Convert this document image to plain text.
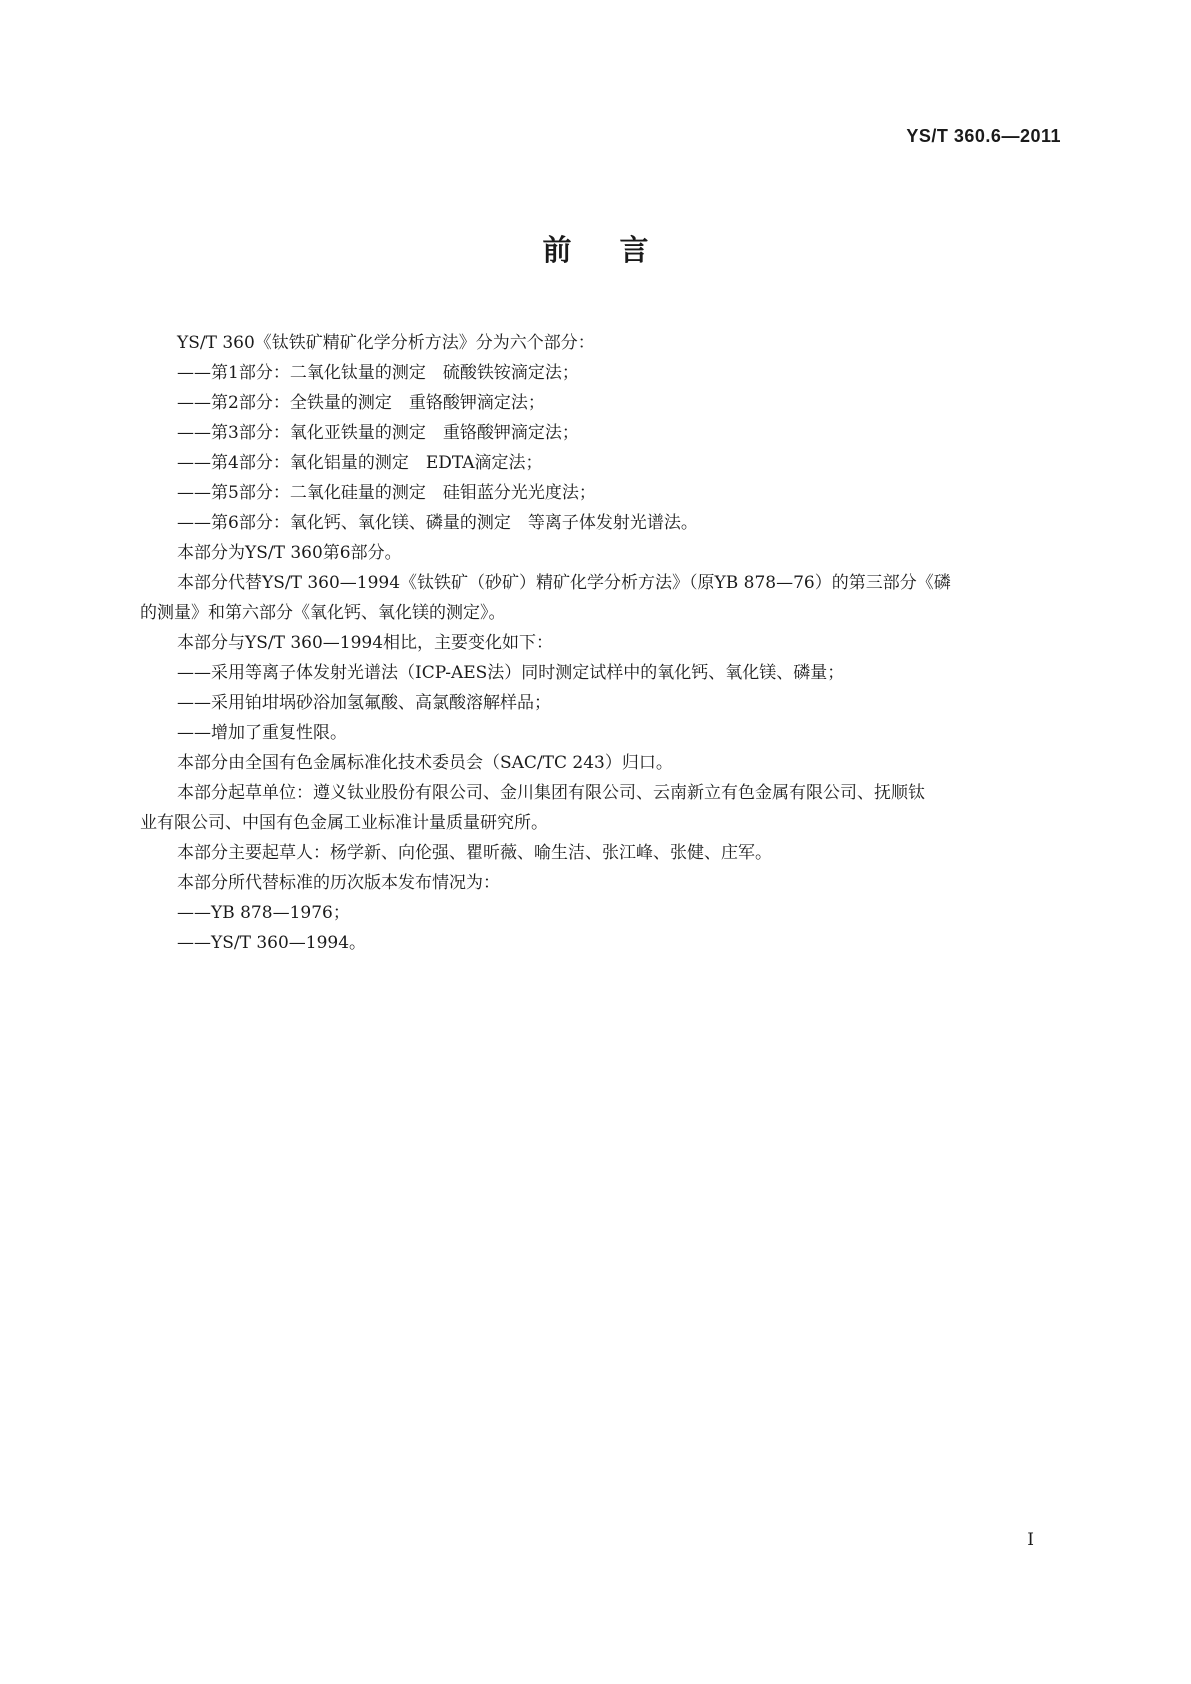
YS/T 360.6—2011
前言
YS/T 360《钛铁矿精矿化学分析方法》分为六个部分：
——第1部分：二氧化钛量的测定　硫酸铁铵滴定法；
——第2部分：全铁量的测定　重铬酸钾滴定法；
——第3部分：氧化亚铁量的测定　重铬酸钾滴定法；
——第4部分：氧化铝量的测定　EDTA滴定法；
——第5部分：二氧化硅量的测定　硅钼蓝分光光度法；
——第6部分：氧化钙、氧化镁、磷量的测定　等离子体发射光谱法。
本部分为YS/T 360第6部分。
本部分代替YS/T 360—1994《钛铁矿（砂矿）精矿化学分析方法》（原YB 878—76）的第三部分《磷
的测量》和第六部分《氧化钙、氧化镁的测定》。
本部分与YS/T 360—1994相比，主要变化如下：
——采用等离子体发射光谱法（ICP-AES法）同时测定试样中的氧化钙、氧化镁、磷量；
——采用铂坩埚砂浴加氢氟酸、高氯酸溶解样品；
——增加了重复性限。
本部分由全国有色金属标准化技术委员会（SAC/TC 243）归口。
本部分起草单位：遵义钛业股份有限公司、金川集团有限公司、云南新立有色金属有限公司、抚顺钛
业有限公司、中国有色金属工业标准计量质量研究所。
本部分主要起草人：杨学新、向伦强、瞿昕薇、喻生洁、张江峰、张健、庄军。
本部分所代替标准的历次版本发布情况为：
——YB 878—1976；
——YS/T 360—1994。
I
